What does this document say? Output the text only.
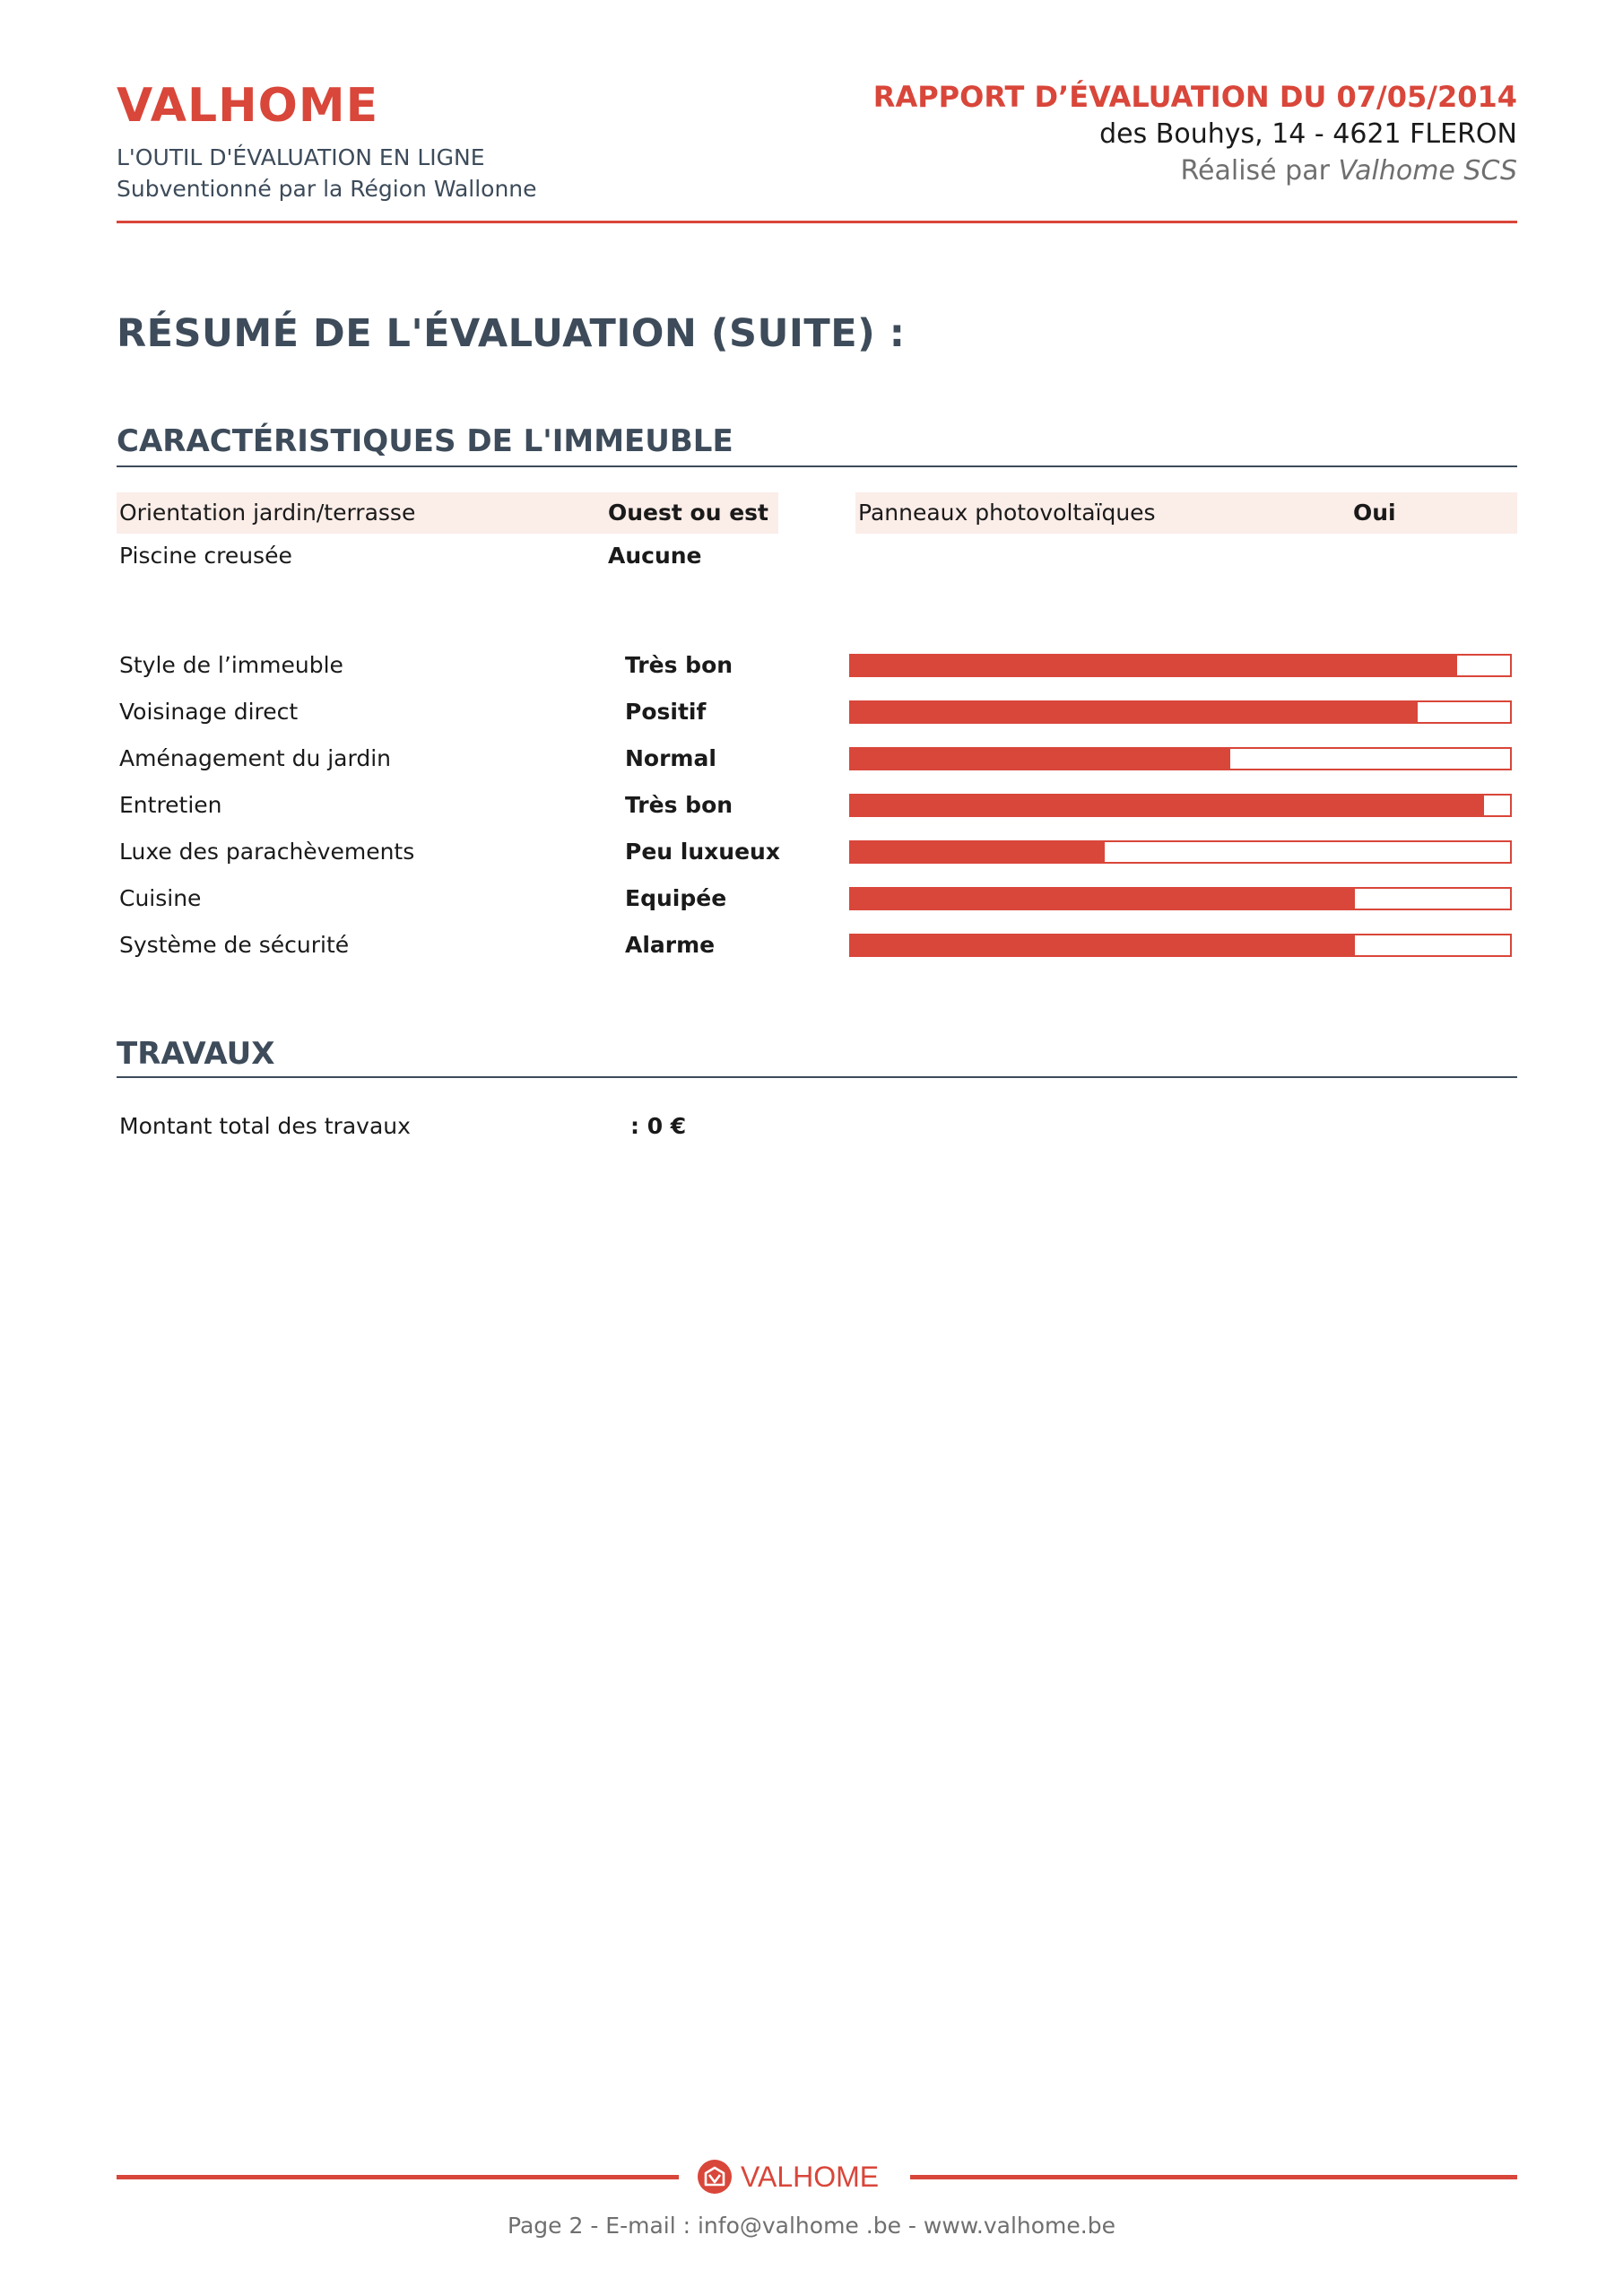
VALHOME
L'OUTIL D'ÉVALUATION EN LIGNE
Subventionné par la Région Wallonne
RAPPORT D’ÉVALUATION DU 07/05/2014
des Bouhys, 14 - 4621 FLERON
Réalisé par Valhome SCS
RÉSUMÉ DE L'ÉVALUATION (SUITE) :
CARACTÉRISTIQUES DE L'IMMEUBLE
Orientation jardin/terrasse	Ouest ou est	Panneaux photovoltaïques	Oui
Piscine creusée	Aucune
Style de l’immeuble	Très bon
Voisinage direct	Positif
Aménagement du jardin	Normal
Entretien	Très bon
Luxe des parachèvements	Peu luxueux
Cuisine	Equipée
Système de sécurité	Alarme
TRAVAUX
Montant total des travaux	: 0 €
VALHOME
Page 2 - E-mail : info@valhome .be - www.valhome.be
